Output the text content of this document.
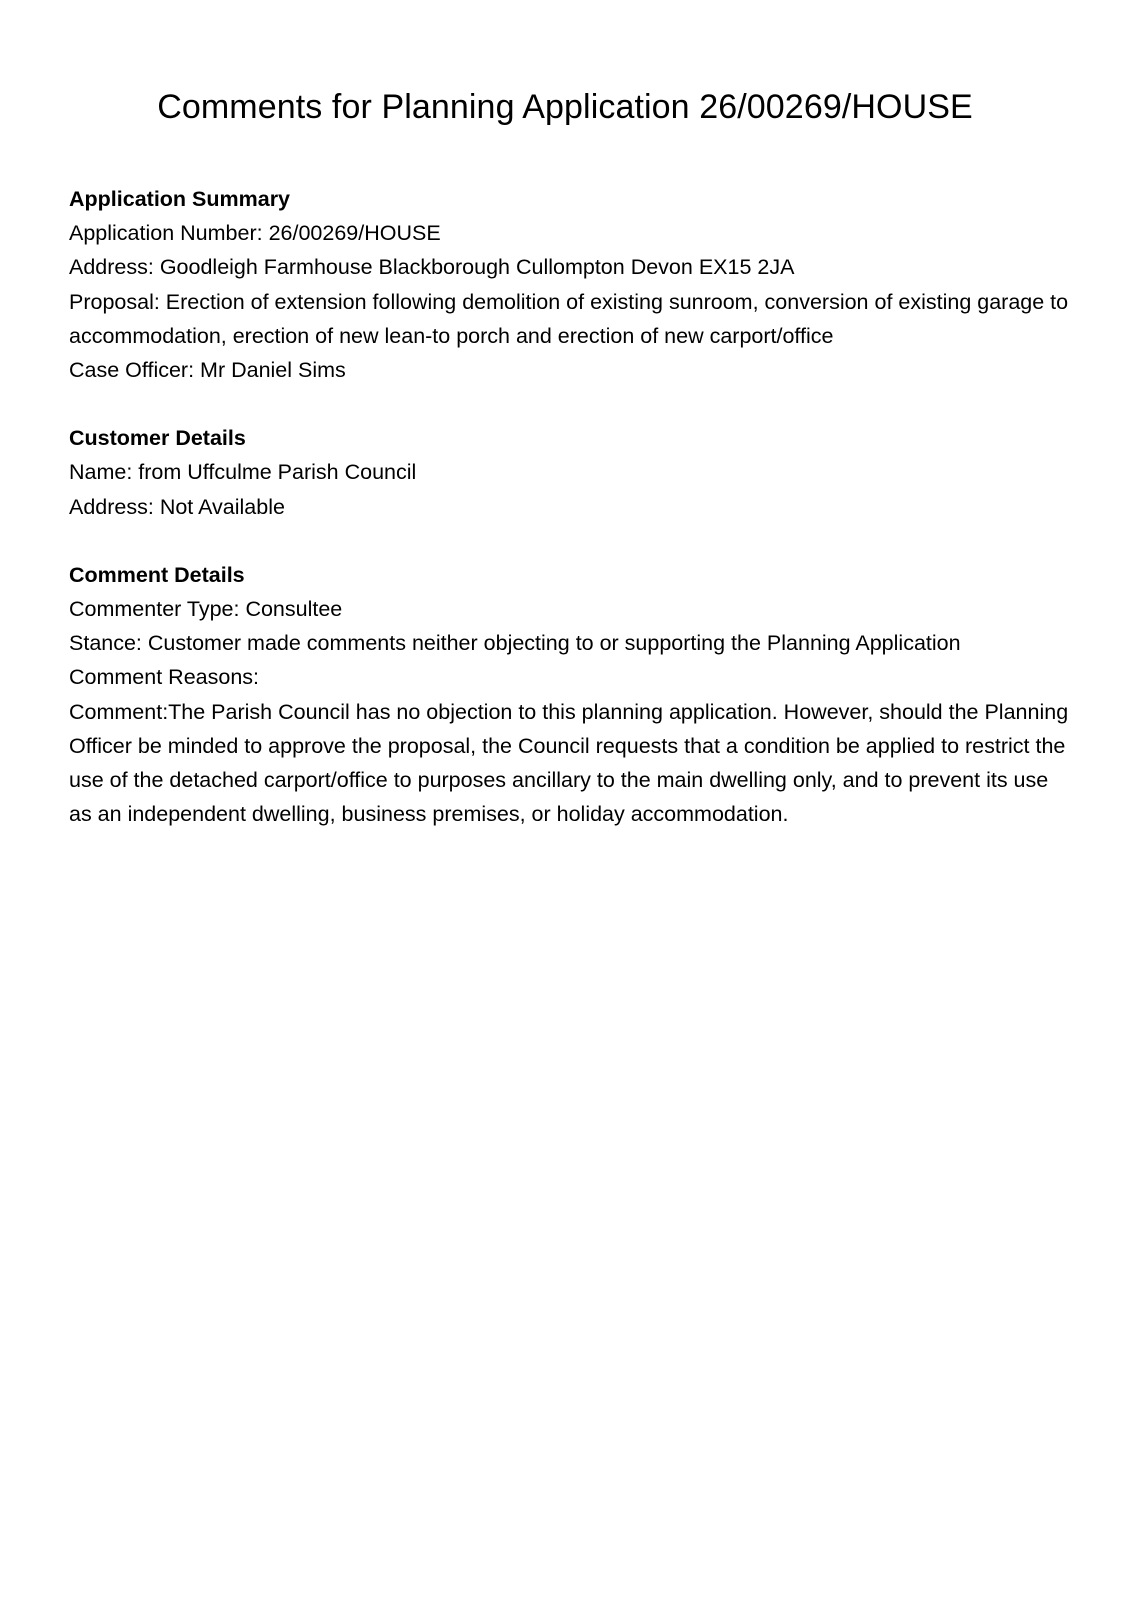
Comments for Planning Application 26/00269/HOUSE

Application Summary

Application Number: 26/00269/HOUSE

Address: Goodleigh Farmhouse Blackborough Cullompton Devon EX15 2JA

Proposal: Erection of extension following demolition of existing sunroom, conversion of existing garage to accommodation, erection of new lean-to porch and erection of new carport/office

Case Officer: Mr Daniel Sims

Customer Details

Name: from Uffculme Parish Council

Address: Not Available

Comment Details

Commenter Type: Consultee

Stance: Customer made comments neither objecting to or supporting the Planning Application

Comment Reasons:

Comment:The Parish Council has no objection to this planning application. However, should the Planning Officer be minded to approve the proposal, the Council requests that a condition be applied to restrict the use of the detached carport/office to purposes ancillary to the main dwelling only, and to prevent its use as an independent dwelling, business premises, or holiday accommodation.
